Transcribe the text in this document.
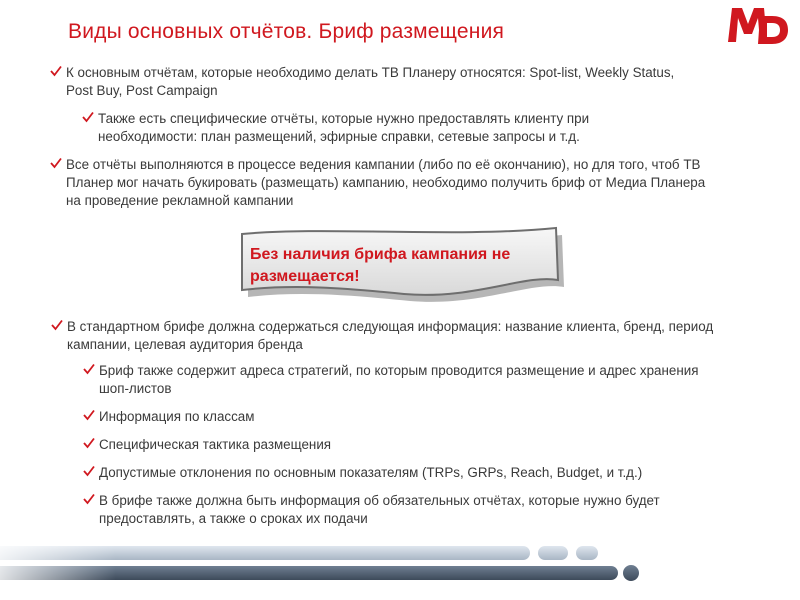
Виды основных отчётов. Бриф размещения
К основным отчётам, которые необходимо делать ТВ Планеру относятся: Spot-list, Weekly Status, Post Buy, Post Campaign
Также есть специфические отчёты, которые нужно предоставлять клиенту при необходимости: план размещений, эфирные справки, сетевые запросы и т.д.
Все отчёты выполняются в процессе ведения кампании (либо по её окончанию), но для того, чтоб ТВ Планер мог начать букировать (размещать) кампанию, необходимо получить бриф от Медиа Планера на проведение рекламной кампании
Без наличия брифа кампания не размещается!
В стандартном брифе должна содержаться следующая информация: название клиента, бренд, период кампании, целевая аудитория бренда
Бриф также содержит адреса стратегий, по которым проводится размещение и адрес хранения шоп-листов
Информация по классам
Специфическая тактика размещения
Допустимые отклонения по основным показателям (TRPs, GRPs, Reach, Budget, и т.д.)
В брифе также должна быть информация об обязательных отчётах, которые нужно будет предоставлять, а также о сроках их подачи
